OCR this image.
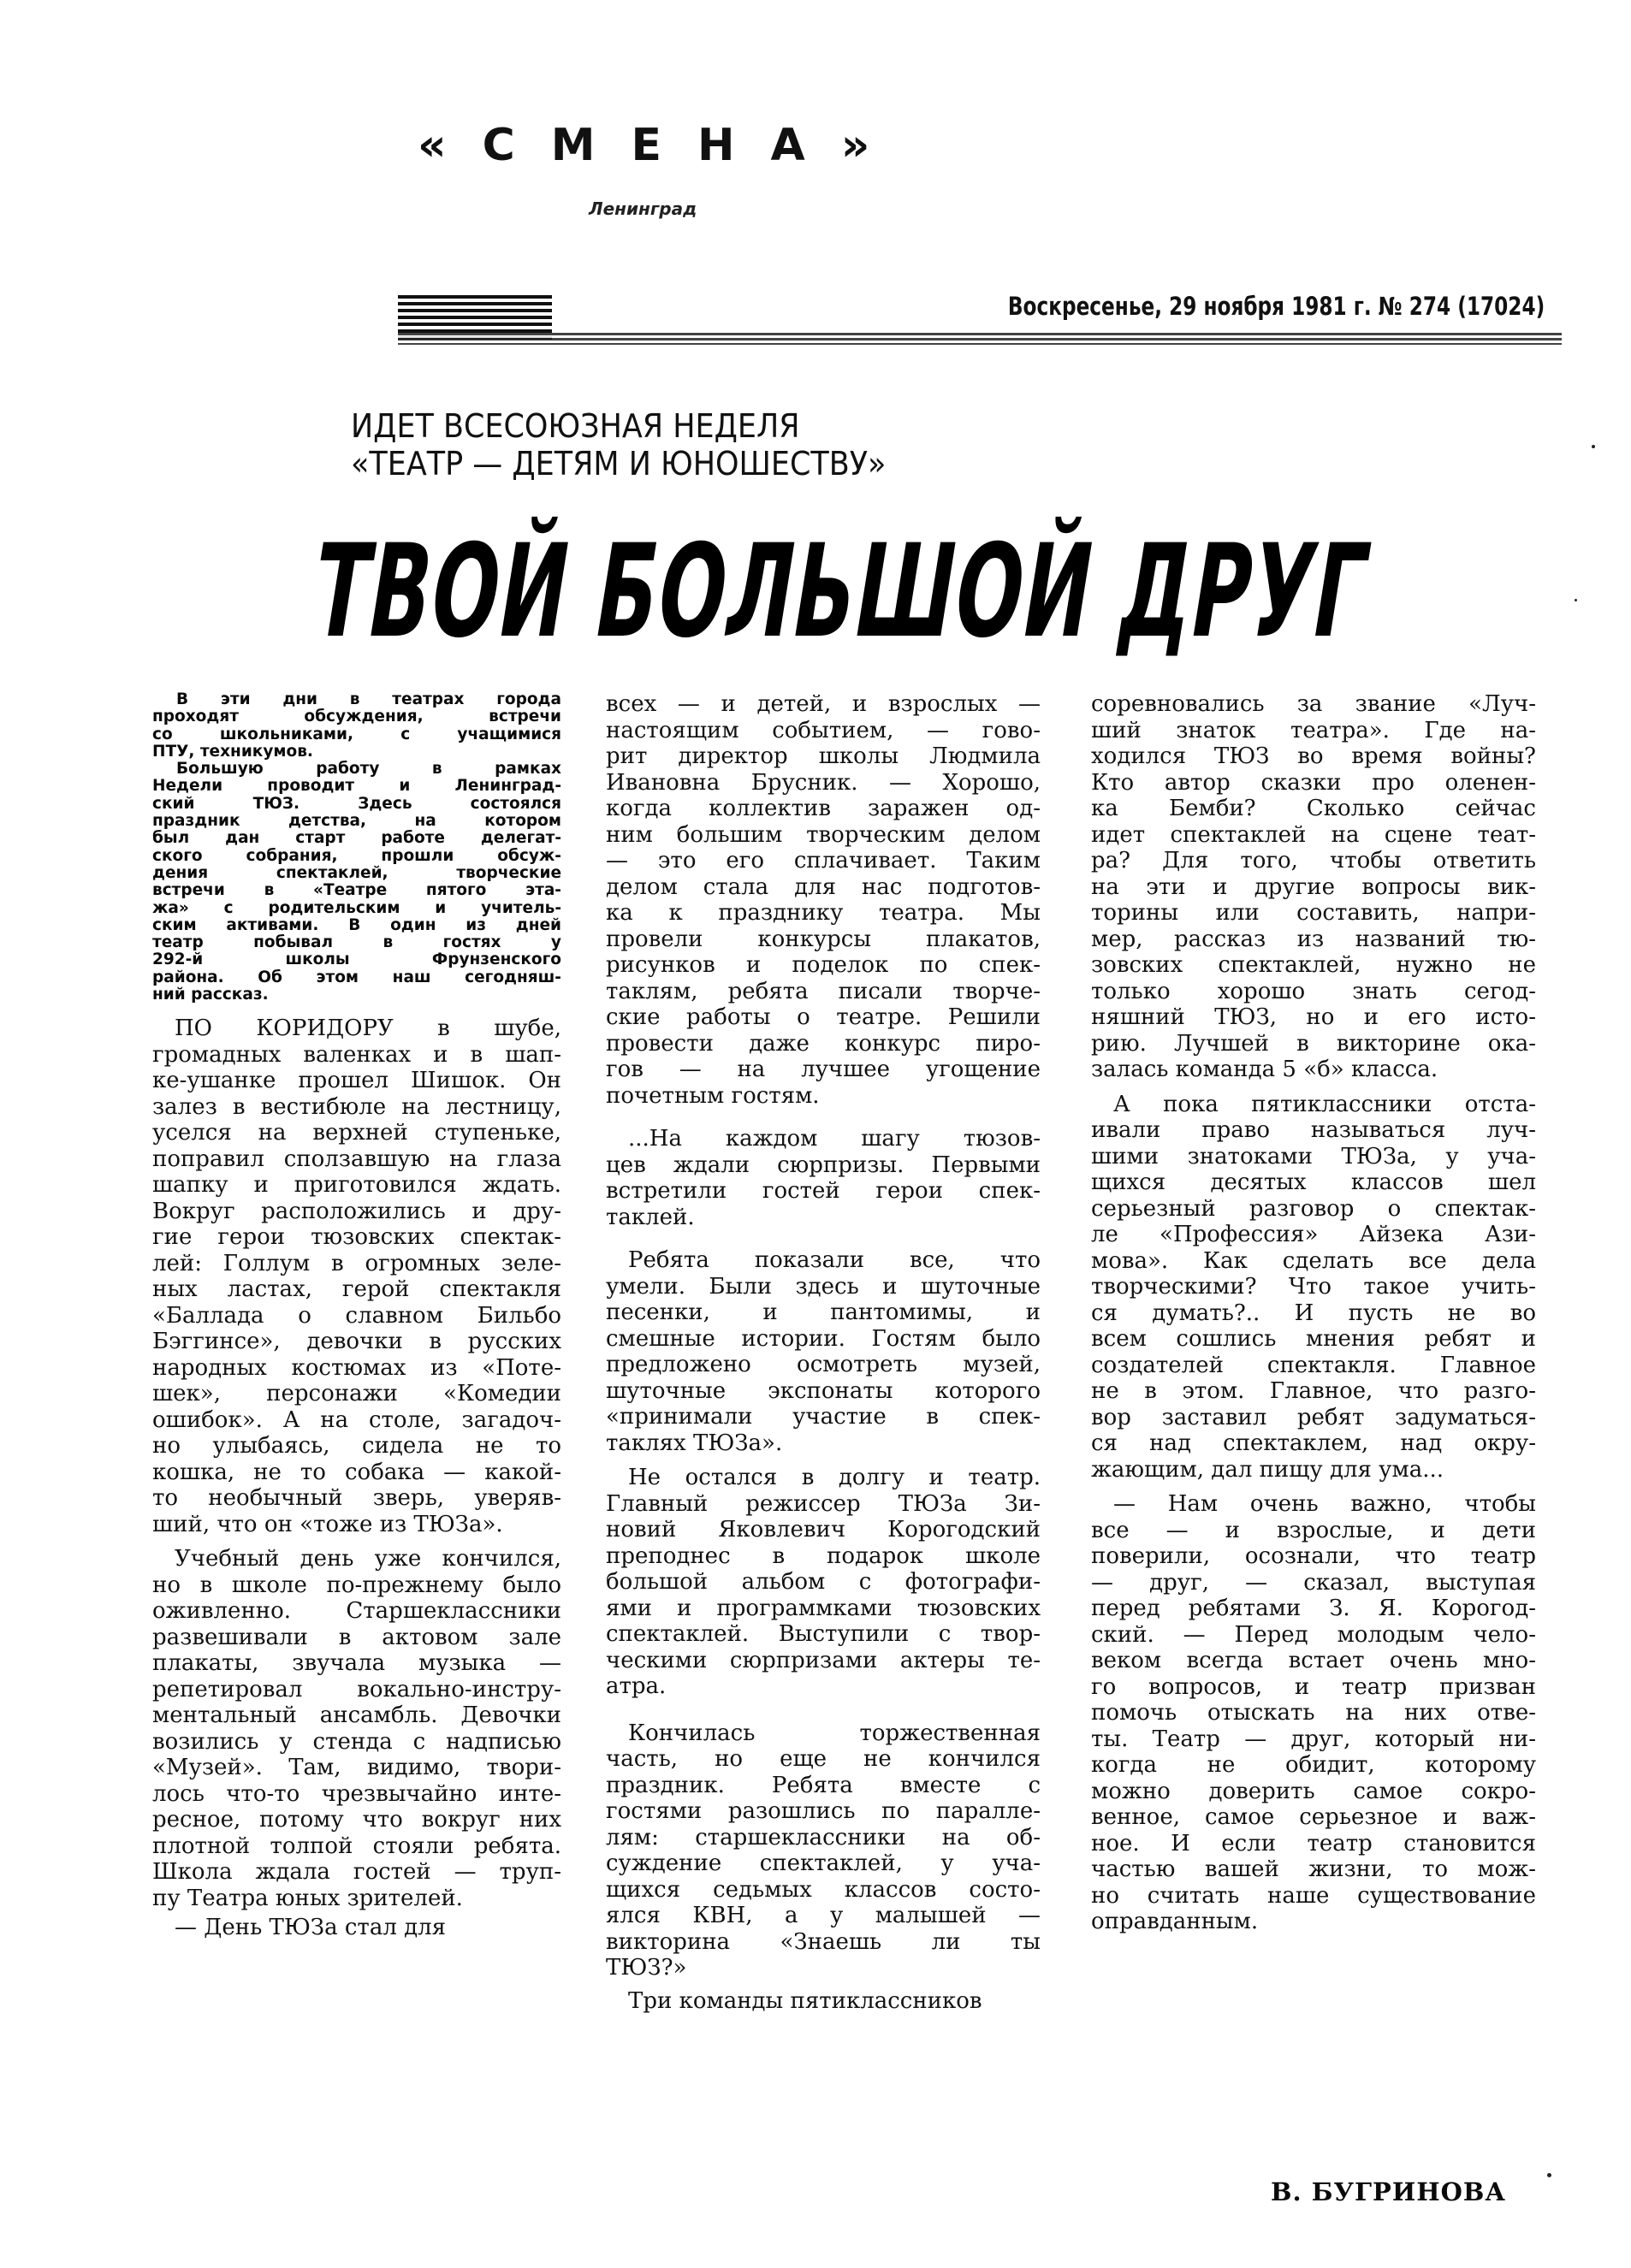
«СМЕНА»
Ленинград
Воскресенье, 29 ноября 1981 г. № 274 (17024)
ИДЕТ ВСЕСОЮЗНАЯ НЕДЕЛЯ
«ТЕАТР — ДЕТЯМ И ЮНОШЕСТВУ»
ТВОЙ БОЛЬШОЙ ДРУГ
В эти дни в театрах города
проходят обсуждения, встречи
со школьниками, с учащимися
ПТУ, техникумов.
Большую работу в рамках
Недели проводит и Ленинград-
ский ТЮЗ. Здесь состоялся
праздник детства, на котором
был дан старт работе делегат-
ского собрания, прошли обсуж-
дения спектаклей, творческие
встречи в «Театре пятого эта-
жа» с родительским и учитель-
ским активами. В один из дней
театр побывал в гостях у
292-й школы Фрунзенского
района. Об этом наш сегодняш-
ний рассказ.
ПО КОРИДОРУ в шубе,
громадных валенках и в шап-
ке-ушанке прошел Шишок. Он
залез в вестибюле на лестницу,
уселся на верхней ступеньке,
поправил сползавшую на глаза
шапку и приготовился ждать.
Вокруг расположились и дру-
гие герои тюзовских спектак-
лей: Голлум в огромных зеле-
ных ластах, герой спектакля
«Баллада о славном Бильбо
Бэггинсе», девочки в русских
народных костюмах из «Поте-
шек», персонажи «Комедии
ошибок». А на столе, загадоч-
но улыбаясь, сидела не то
кошка, не то собака — какой-
то необычный зверь, уверяв-
ший, что он «тоже из ТЮЗа».
Учебный день уже кончился,
но в школе по-прежнему было
оживленно. Старшеклассники
развешивали в актовом зале
плакаты, звучала музыка —
репетировал вокально-инстру-
ментальный ансамбль. Девочки
возились у стенда с надписью
«Музей». Там, видимо, твори-
лось что-то чрезвычайно инте-
ресное, потому что вокруг них
плотной толпой стояли ребята.
Школа ждала гостей — труп-
пу Театра юных зрителей.
— День ТЮЗа стал для
всех — и детей, и взрослых —
настоящим событием, — гово-
рит директор школы Людмила
Ивановна Брусник. — Хорошо,
когда коллектив заражен од-
ним большим творческим делом
— это его сплачивает. Таким
делом стала для нас подготов-
ка к празднику театра. Мы
провели конкурсы плакатов,
рисунков и поделок по спек-
таклям, ребята писали творче-
ские работы о театре. Решили
провести даже конкурс пиро-
гов — на лучшее угощение
почетным гостям.
...На каждом шагу тюзов-
цев ждали сюрпризы. Первыми
встретили гостей герои спек-
таклей.
Ребята показали все, что
умели. Были здесь и шуточные
песенки, и пантомимы, и
смешные истории. Гостям было
предложено осмотреть музей,
шуточные экспонаты которого
«принимали участие в спек-
таклях ТЮЗа».
Не остался в долгу и театр.
Главный режиссер ТЮЗа Зи-
новий Яковлевич Корогодский
преподнес в подарок школе
большой альбом с фотографи-
ями и программками тюзовских
спектаклей. Выступили с твор-
ческими сюрпризами актеры те-
атра.
Кончилась торжественная
часть, но еще не кончился
праздник. Ребята вместе с
гостями разошлись по паралле-
лям: старшеклассники на об-
суждение спектаклей, у уча-
щихся седьмых классов состо-
ялся КВН, а у малышей —
викторина «Знаешь ли ты
ТЮЗ?»
Три команды пятиклассников
соревновались за звание «Луч-
ший знаток театра». Где на-
ходился ТЮЗ во время войны?
Кто автор сказки про оленен-
ка Бемби? Сколько сейчас
идет спектаклей на сцене теат-
ра? Для того, чтобы ответить
на эти и другие вопросы вик-
торины или составить, напри-
мер, рассказ из названий тю-
зовских спектаклей, нужно не
только хорошо знать сегод-
няшний ТЮЗ, но и его исто-
рию. Лучшей в викторине ока-
залась команда 5 «б» класса.
А пока пятиклассники отста-
ивали право называться луч-
шими знатоками ТЮЗа, у уча-
щихся десятых классов шел
серьезный разговор о спектак-
ле «Профессия» Айзека Ази-
мова». Как сделать все дела
творческими? Что такое учить-
ся думать?.. И пусть не во
всем сошлись мнения ребят и
создателей спектакля. Главное
не в этом. Главное, что разго-
вор заставил ребят задуматься-
ся над спектаклем, над окру-
жающим, дал пищу для ума...
— Нам очень важно, чтобы
все — и взрослые, и дети
поверили, осознали, что театр
— друг, — сказал, выступая
перед ребятами З. Я. Корогод-
ский. — Перед молодым чело-
веком всегда встает очень мно-
го вопросов, и театр призван
помочь отыскать на них отве-
ты. Театр — друг, который ни-
когда не обидит, которому
можно доверить самое сокро-
венное, самое серьезное и важ-
ное. И если театр становится
частью вашей жизни, то мож-
но считать наше существование
оправданным.
В. БУГРИНОВА
